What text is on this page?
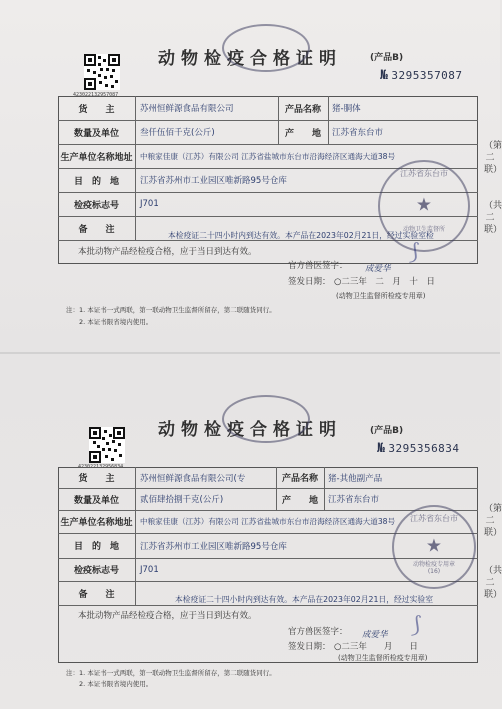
423022132957087
动物检疫合格证明	(产品B)
№ 3295357087
货　　主	苏州恒鲜源食品有限公司	产品名称	猪-胴体
数量及单位	叁仟伍佰千克(公斤)	产　　地	江苏省东台市
生产单位名称地址 中粮家佳康（江苏）有限公司 江苏省盐城市东台市沿海经济区通海大道38号
目　的　地	江苏省苏州市工业园区唯新路95号仓库
检疫标志号	J701
备　　注
本检疫证二十四小时内到达有效。本产品在2023年02月21日，经过实验室检
本批动物产品经检疫合格，应于当日到达有效。
官方兽医签字： 成爱华
签发日期： ○二三年　二　月　十　日
(动物卫生监督所检疫专用章)
注：1. 本证书一式两联，第一联动物卫生监督所留存，第二联随货同行。
　　2. 本证书限省境内使用。
（第二联）
（共二联）
江苏省东台市
★
动物卫生监督所
⟆
423022132956834
动物检疫合格证明	(产品B)
№ 3295356834
货　　主	苏州恒鲜源食品有限公司(专	产品名称	猪-其他副产品
数量及单位	贰佰肆拾捌千克(公斤)	产　　地	江苏省东台市
生产单位名称地址 中粮家佳康（江苏）有限公司 江苏省盐城市东台市沿海经济区通海大道38号
目　的　地	江苏省苏州市工业园区唯新路95号仓库
检疫标志号	J701
备　　注	本检疫证二十四小时内到达有效。本产品在2023年02月21日，经过实验室
本批动物产品经检疫合格，应于当日到达有效。
官方兽医签字： 成爱华
签发日期： ○二三年　　月　　日
(动物卫生监督所检疫专用章)
注：1. 本证书一式两联，第一联动物卫生监督所留存，第二联随货同行。
　　2. 本证书限省境内使用。
（第二联）
（共二联）
江苏省东台市
★
动物检疫专用章
(16)
⟆
